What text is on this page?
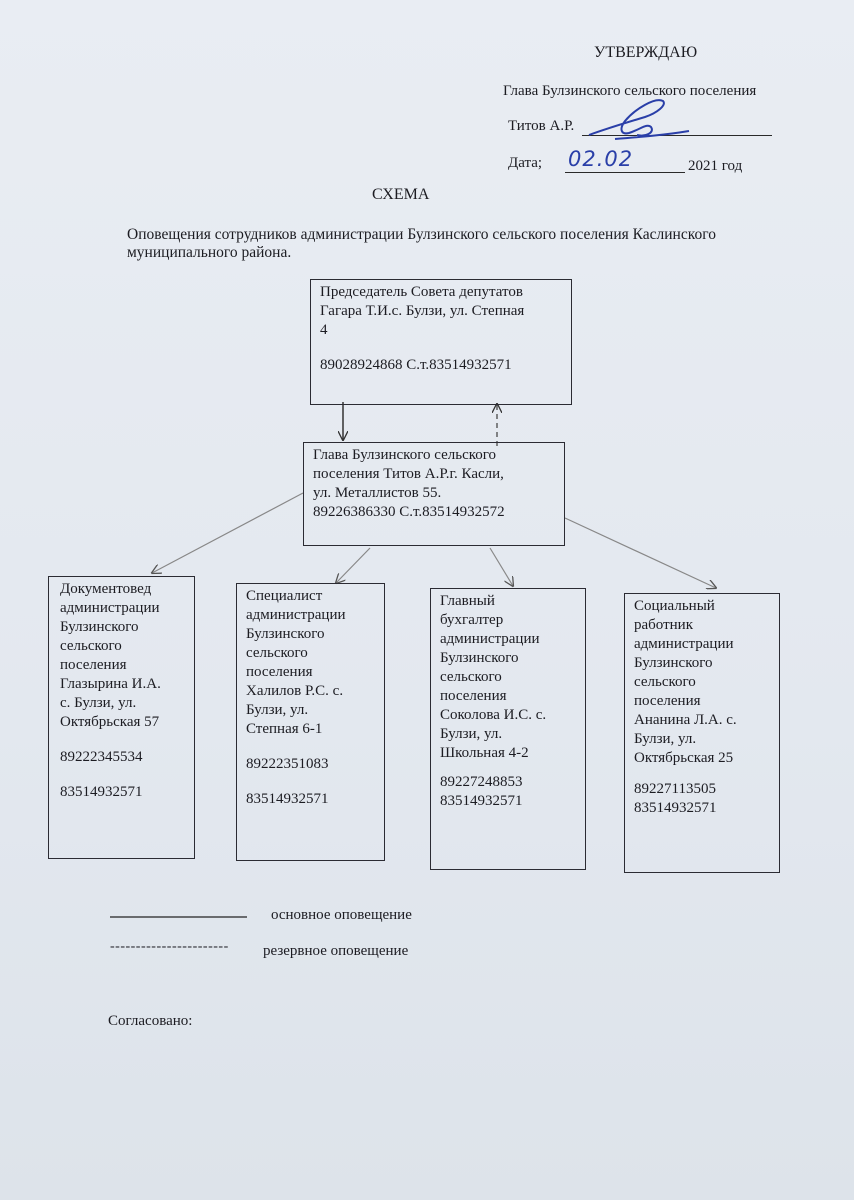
УТВЕРЖДАЮ
Глава Булзинского сельского поселения
Титов А.Р.
Дата; 02.02	2021 год
СХЕМА
Оповещения сотрудников администрации Булзинского сельского поселения Каслинского
муниципального района.
Председатель Совета депутатов
Гагара Т.И.с. Булзи, ул. Степная
4
89028924868 С.т.83514932571
Глава Булзинского сельского
поселения Титов А.Р.г. Касли,
ул. Металлистов 55.
89226386330 С.т.83514932572
Документовед
администрации
Булзинского
сельского
поселения
Глазырина И.А.
с. Булзи, ул.
Октябрьская 57
89222345534
83514932571
Специалист
администрации
Булзинского
сельского
поселения
Халилов Р.С. с.
Булзи, ул.
Степная 6-1
89222351083
83514932571
Главный
бухгалтер
администрации
Булзинского
сельского
поселения
Соколова И.С. с.
Булзи, ул.
Школьная 4-2
89227248853
83514932571
Социальный
работник
администрации
Булзинского
сельского
поселения
Ананина Л.А. с.
Булзи, ул.
Октябрьская 25
89227113505
83514932571
основное оповещение
----------------------- резервное оповещение
Согласовано:
